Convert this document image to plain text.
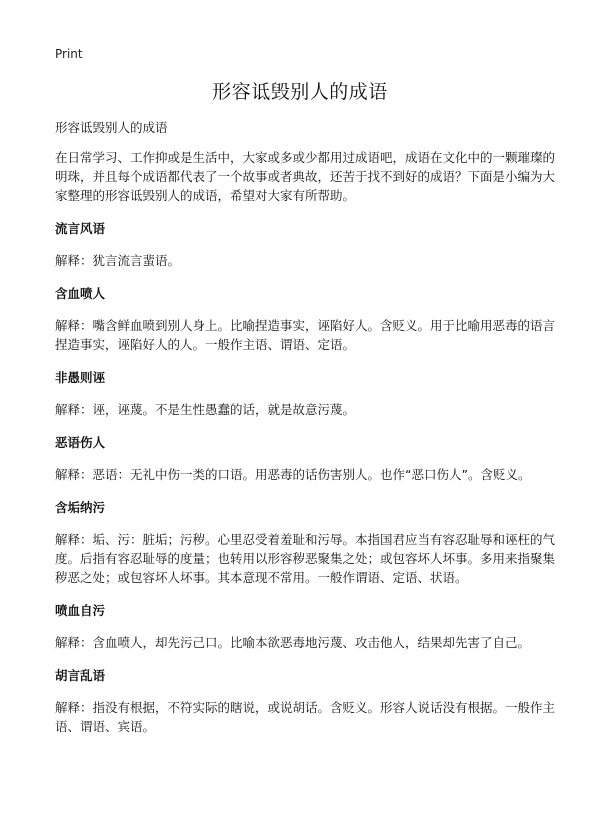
Print
形容诋毁别人的成语

形容诋毁别人的成语

在日常学习、工作抑或是生活中，大家或多或少都用过成语吧，成语在文化中的一颗璀璨的明珠，并且每个成语都代表了一个故事或者典故，还苦于找不到好的成语？下面是小编为大家整理的形容诋毁别人的成语，希望对大家有所帮助。

流言风语

解释：犹言流言蜚语。

含血喷人

解释：嘴含鲜血喷到别人身上。比喻捏造事实，诬陷好人。含贬义。用于比喻用恶毒的语言捏造事实，诬陷好人的人。一般作主语、谓语、定语。

非愚则诬

解释：诬，诬蔑。不是生性愚蠢的话，就是故意污蔑。

恶语伤人

解释：恶语：无礼中伤一类的口语。用恶毒的话伤害别人。也作“恶口伤人”。含贬义。

含垢纳污

解释：垢、污：脏垢；污秽。心里忍受着羞耻和污辱。本指国君应当有容忍耻辱和诬枉的气度。后指有容忍耻辱的度量；也转用以形容秽恶聚集之处；或包容坏人坏事。多用来指聚集秽恶之处；或包容坏人坏事。其本意现不常用。一般作谓语、定语、状语。

喷血自污

解释：含血喷人，却先污己口。比喻本欲恶毒地污蔑、攻击他人，结果却先害了自己。

胡言乱语

解释：指没有根据，不符实际的瞎说，或说胡话。含贬义。形容人说话没有根据。一般作主语、谓语、宾语。
